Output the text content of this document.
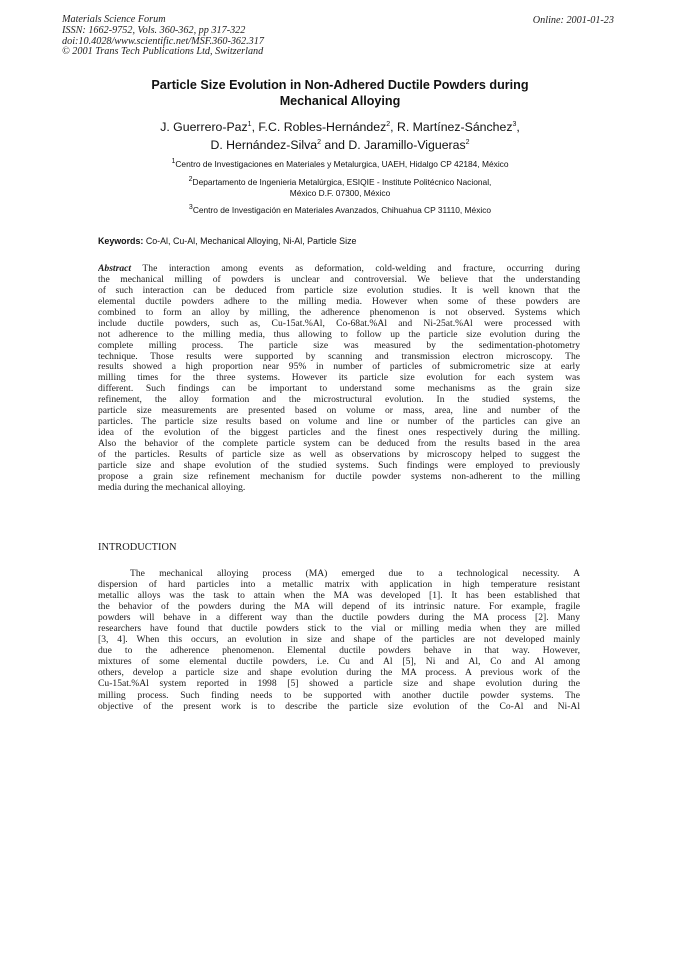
Materials Science Forum
ISSN: 1662-9752, Vols. 360-362, pp 317-322
doi:10.4028/www.scientific.net/MSF.360-362.317
© 2001 Trans Tech Publications Ltd, Switzerland
Online: 2001-01-23
Particle Size Evolution in Non-Adhered Ductile Powders during
Mechanical Alloying
J. Guerrero-Paz$^1$, F.C. Robles-Hernández$^2$, R. Martínez-Sánchez$^3$,
D. Hernández-Silva$^2$ and D. Jaramillo-Vigueras$^2$
$^1$Centro de Investigaciones en Materiales y Metalurgica, UAEH, Hidalgo CP 42184, México
$^2$Departamento de Ingenieria Metalúrgica, ESIQIE - Institute Politécnico Nacional,
México D.F. 07300, México
$^3$Centro de Investigación en Materiales Avanzados, Chihuahua CP 31110, México
Keywords: Co-Al, Cu-Al, Mechanical Alloying, Ni-Al, Particle Size
Abstract The interaction among events as deformation, cold-welding and fracture, occurring during
the mechanical milling of powders is unclear and controversial. We believe that the understanding
of such interaction can be deduced from particle size evolution studies. It is well known that the
elemental ductile powders adhere to the milling media. However when some of these powders are
combined to form an alloy by milling, the adherence phenomenon is not observed. Systems which
include ductile powders, such as, Cu-15at.%Al, Co-68at.%Al and Ni-25at.%Al were processed with
not adherence to the milling media, thus allowing to follow up the particle size evolution during the
complete milling process. The particle size was measured by the sedimentation-photometry
technique. Those results were supported by scanning and transmission electron microscopy. The
results showed a high proportion near 95% in number of particles of submicrometric size at early
milling times for the three systems. However its particle size evolution for each system was
different. Such findings can be important to understand some mechanisms as the grain size
refinement, the alloy formation and the microstructural evolution. In the studied systems, the
particle size measurements are presented based on volume or mass, area, line and number of the
particles. The particle size results based on volume and line or number of the particles can give an
idea of the evolution of the biggest particles and the finest ones respectively during the milling.
Also the behavior of the complete particle system can be deduced from the results based in the area
of the particles. Results of particle size as well as observations by microscopy helped to suggest the
particle size and shape evolution of the studied systems. Such findings were employed to previously
propose a grain size refinement mechanism for ductile powder systems non-adherent to the milling
media during the mechanical alloying.
INTRODUCTION
The mechanical alloying process (MA) emerged due to a technological necessity. A
dispersion of hard particles into a metallic matrix with application in high temperature resistant
metallic alloys was the task to attain when the MA was developed [1]. It has been established that
the behavior of the powders during the MA will depend of its intrinsic nature. For example, fragile
powders will behave in a different way than the ductile powders during the MA process [2]. Many
researchers have found that ductile powders stick to the vial or milling media when they are milled
[3, 4]. When this occurs, an evolution in size and shape of the particles are not developed mainly
due to the adherence phenomenon. Elemental ductile powders behave in that way. However,
mixtures of some elemental ductile powders, i.e. Cu and Al [5], Ni and Al, Co and Al among
others, develop a particle size and shape evolution during the MA process. A previous work of the
Cu-15at.%Al system reported in 1998 [5] showed a particle size and shape evolution during the
milling process. Such finding needs to be supported with another ductile powder systems. The
objective of the present work is to describe the particle size evolution of the Co-Al and Ni-Al
